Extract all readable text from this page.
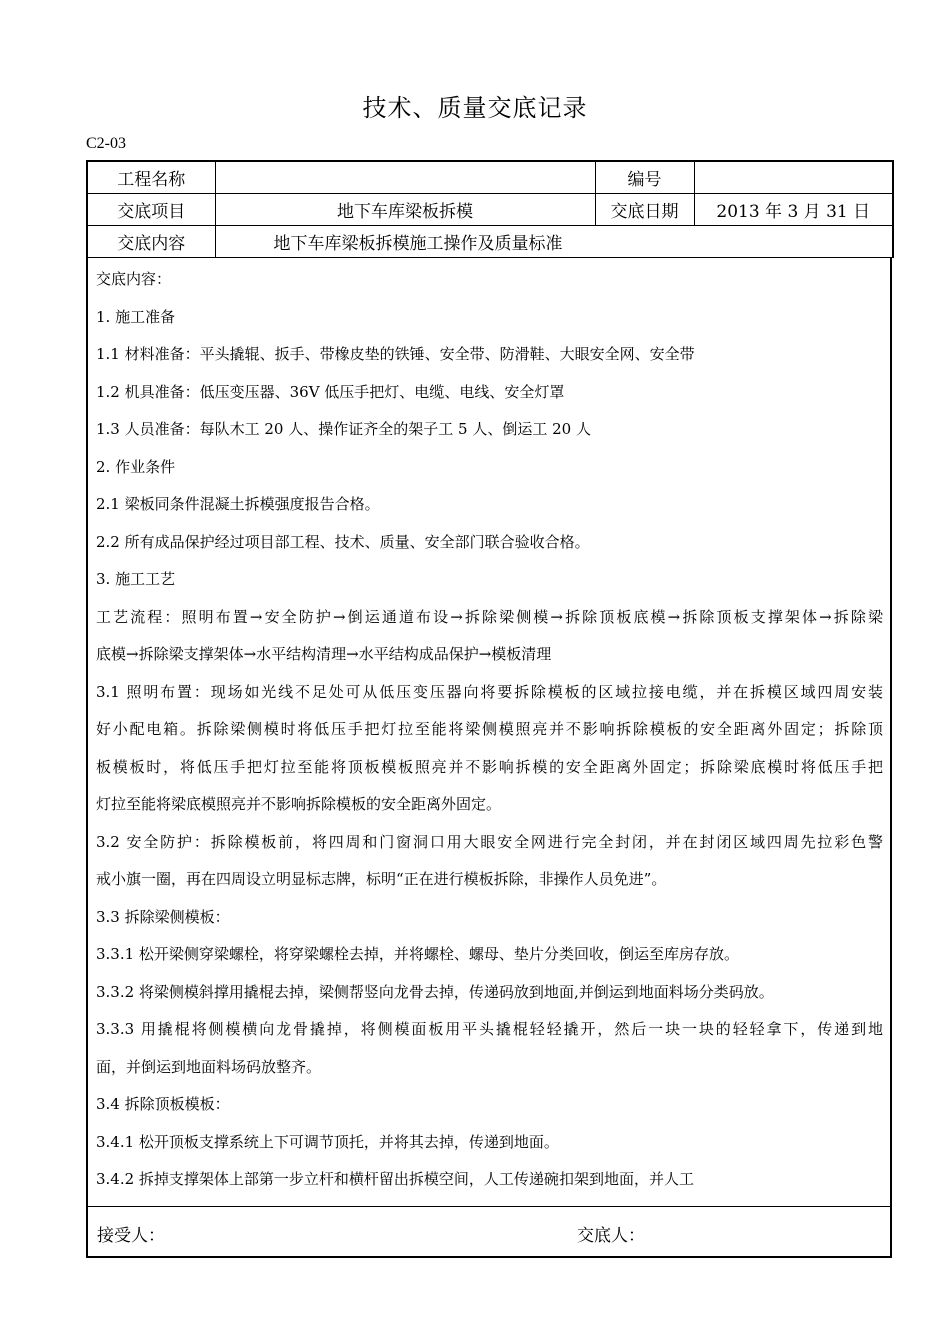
技术、质量交底记录
C2-03
工程名称		编号	
交底项目	地下车库梁板拆模	交底日期	2013 年 3 月 31 日
交底内容	地下车库梁板拆模施工操作及质量标准		
交底内容：
1. 施工准备
1.1 材料准备：平头撬辊、扳手、带橡皮垫的铁锤、安全带、防滑鞋、大眼安全网、安全带
1.2 机具准备：低压变压器、36V 低压手把灯、电缆、电线、安全灯罩
1.3 人员准备：每队木工 20 人、操作证齐全的架子工 5 人、倒运工 20 人
2. 作业条件
2.1 梁板同条件混凝土拆模强度报告合格。
2.2 所有成品保护经过项目部工程、技术、质量、安全部门联合验收合格。
3. 施工工艺
工艺流程：照明布置→安全防护→倒运通道布设→拆除梁侧模→拆除顶板底模→拆除顶板支撑架体→拆除梁
底模→拆除梁支撑架体→水平结构清理→水平结构成品保护→模板清理
3.1 照明布置：现场如光线不足处可从低压变压器向将要拆除模板的区域拉接电缆，并在拆模区域四周安装
好小配电箱。拆除梁侧模时将低压手把灯拉至能将梁侧模照亮并不影响拆除模板的安全距离外固定；拆除顶
板模板时，将低压手把灯拉至能将顶板模板照亮并不影响拆模的安全距离外固定；拆除梁底模时将低压手把
灯拉至能将梁底模照亮并不影响拆除模板的安全距离外固定。
3.2 安全防护：拆除模板前，将四周和门窗洞口用大眼安全网进行完全封闭，并在封闭区域四周先拉彩色警
戒小旗一圈，再在四周设立明显标志牌，标明“正在进行模板拆除，非操作人员免进”。
3.3 拆除梁侧模板：
3.3.1 松开梁侧穿梁螺栓，将穿梁螺栓去掉，并将螺栓、螺母、垫片分类回收，倒运至库房存放。
3.3.2 将梁侧模斜撑用撬棍去掉，梁侧帮竖向龙骨去掉，传递码放到地面,并倒运到地面料场分类码放。
3.3.3 用撬棍将侧模横向龙骨撬掉，将侧模面板用平头撬棍轻轻撬开，然后一块一块的轻轻拿下，传递到地
面，并倒运到地面料场码放整齐。
3.4 拆除顶板模板：
3.4.1 松开顶板支撑系统上下可调节顶托，并将其去掉，传递到地面。
3.4.2 拆掉支撑架体上部第一步立杆和横杆留出拆模空间，人工传递碗扣架到地面，并人工
接受人：	交底人：
